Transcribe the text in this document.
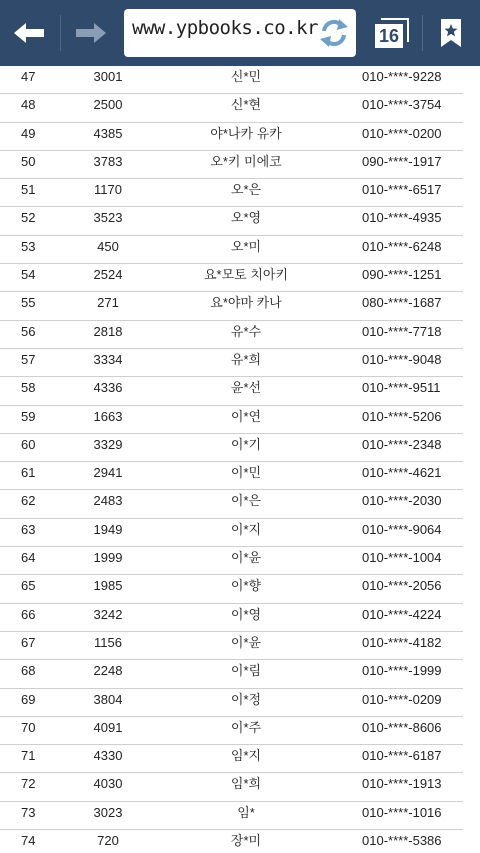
www.ypbooks.co.kr	16
47	3001	신*민	010-****-9228
48	2500	신*현	010-****-3754
49	4385	야*나카 유카	010-****-0200
50	3783	오*키 미에코	090-****-1917
51	1170	오*은	010-****-6517
52	3523	오*영	010-****-4935
53	450	오*미	010-****-6248
54	2524	요*모토 치아키	090-****-1251
55	271	요*야마 카나	080-****-1687
56	2818	유*수	010-****-7718
57	3334	유*희	010-****-9048
58	4336	윤*선	010-****-9511
59	1663	이*연	010-****-5206
60	3329	이*기	010-****-2348
61	2941	이*민	010-****-4621
62	2483	이*은	010-****-2030
63	1949	이*지	010-****-9064
64	1999	이*윤	010-****-1004
65	1985	이*향	010-****-2056
66	3242	이*영	010-****-4224
67	1156	이*윤	010-****-4182
68	2248	이*림	010-****-1999
69	3804	이*정	010-****-0209
70	4091	이*주	010-****-8606
71	4330	임*지	010-****-6187
72	4030	임*희	010-****-1913
73	3023	임*	010-****-1016
74	720	장*미	010-****-5386
